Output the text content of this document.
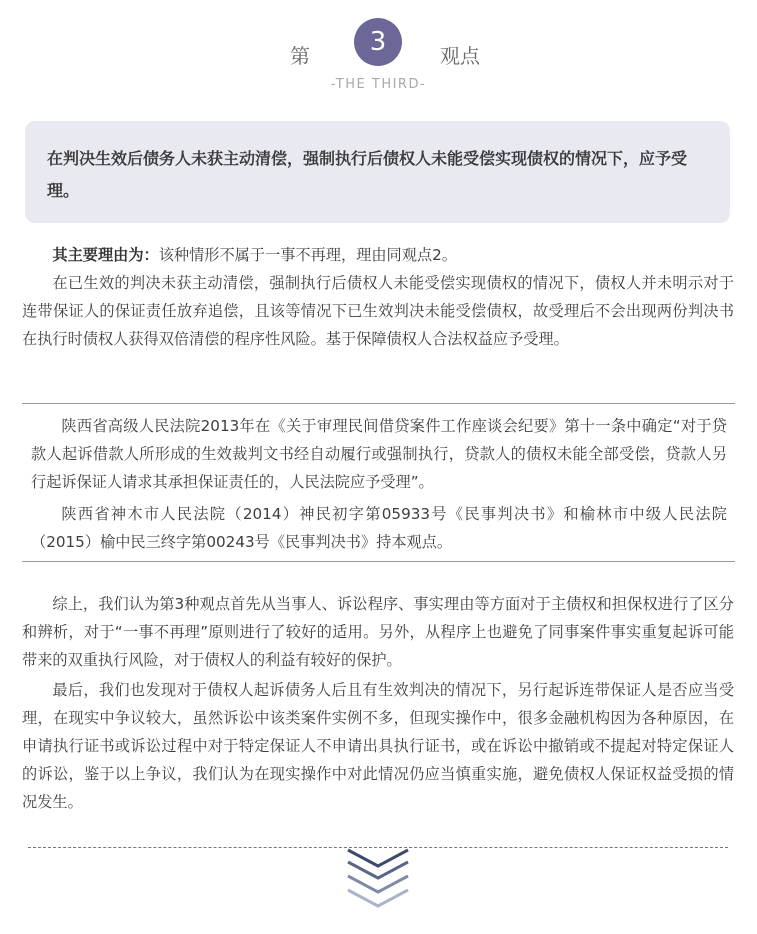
第	3	观点
-THE THIRD-
在判决生效后债务人未获主动清偿，强制执行后债权人未能受偿实现债权的情况下，应予受理。

其主要理由为：该种情形不属于一事不再理，理由同观点2。

在已生效的判决未获主动清偿，强制执行后债权人未能受偿实现债权的情况下，债权人并未明示对于连带保证人的保证责任放弃追偿，且该等情况下已生效判决未能受偿债权，故受理后不会出现两份判决书在执行时债权人获得双倍清偿的程序性风险。基于保障债权人合法权益应予受理。

陕西省高级人民法院2013年在《关于审理民间借贷案件工作座谈会纪要》第十一条中确定“对于贷款人起诉借款人所形成的生效裁判文书经自动履行或强制执行，贷款人的债权未能全部受偿，贷款人另行起诉保证人请求其承担保证责任的，人民法院应予受理”。

陕西省神木市人民法院（2014）神民初字第05933号《民事判决书》和榆林市中级人民法院（2015）榆中民三终字第00243号《民事判决书》持本观点。

综上，我们认为第3种观点首先从当事人、诉讼程序、事实理由等方面对于主债权和担保权进行了区分和辨析，对于“一事不再理”原则进行了较好的适用。另外，从程序上也避免了同事案件事实重复起诉可能带来的双重执行风险，对于债权人的利益有较好的保护。

最后，我们也发现对于债权人起诉债务人后且有生效判决的情况下，另行起诉连带保证人是否应当受理，在现实中争议较大，虽然诉讼中该类案件实例不多，但现实操作中，很多金融机构因为各种原因，在申请执行证书或诉讼过程中对于特定保证人不申请出具执行证书，或在诉讼中撤销或不提起对特定保证人的诉讼，鉴于以上争议，我们认为在现实操作中对此情况仍应当慎重实施，避免债权人保证权益受损的情况发生。
